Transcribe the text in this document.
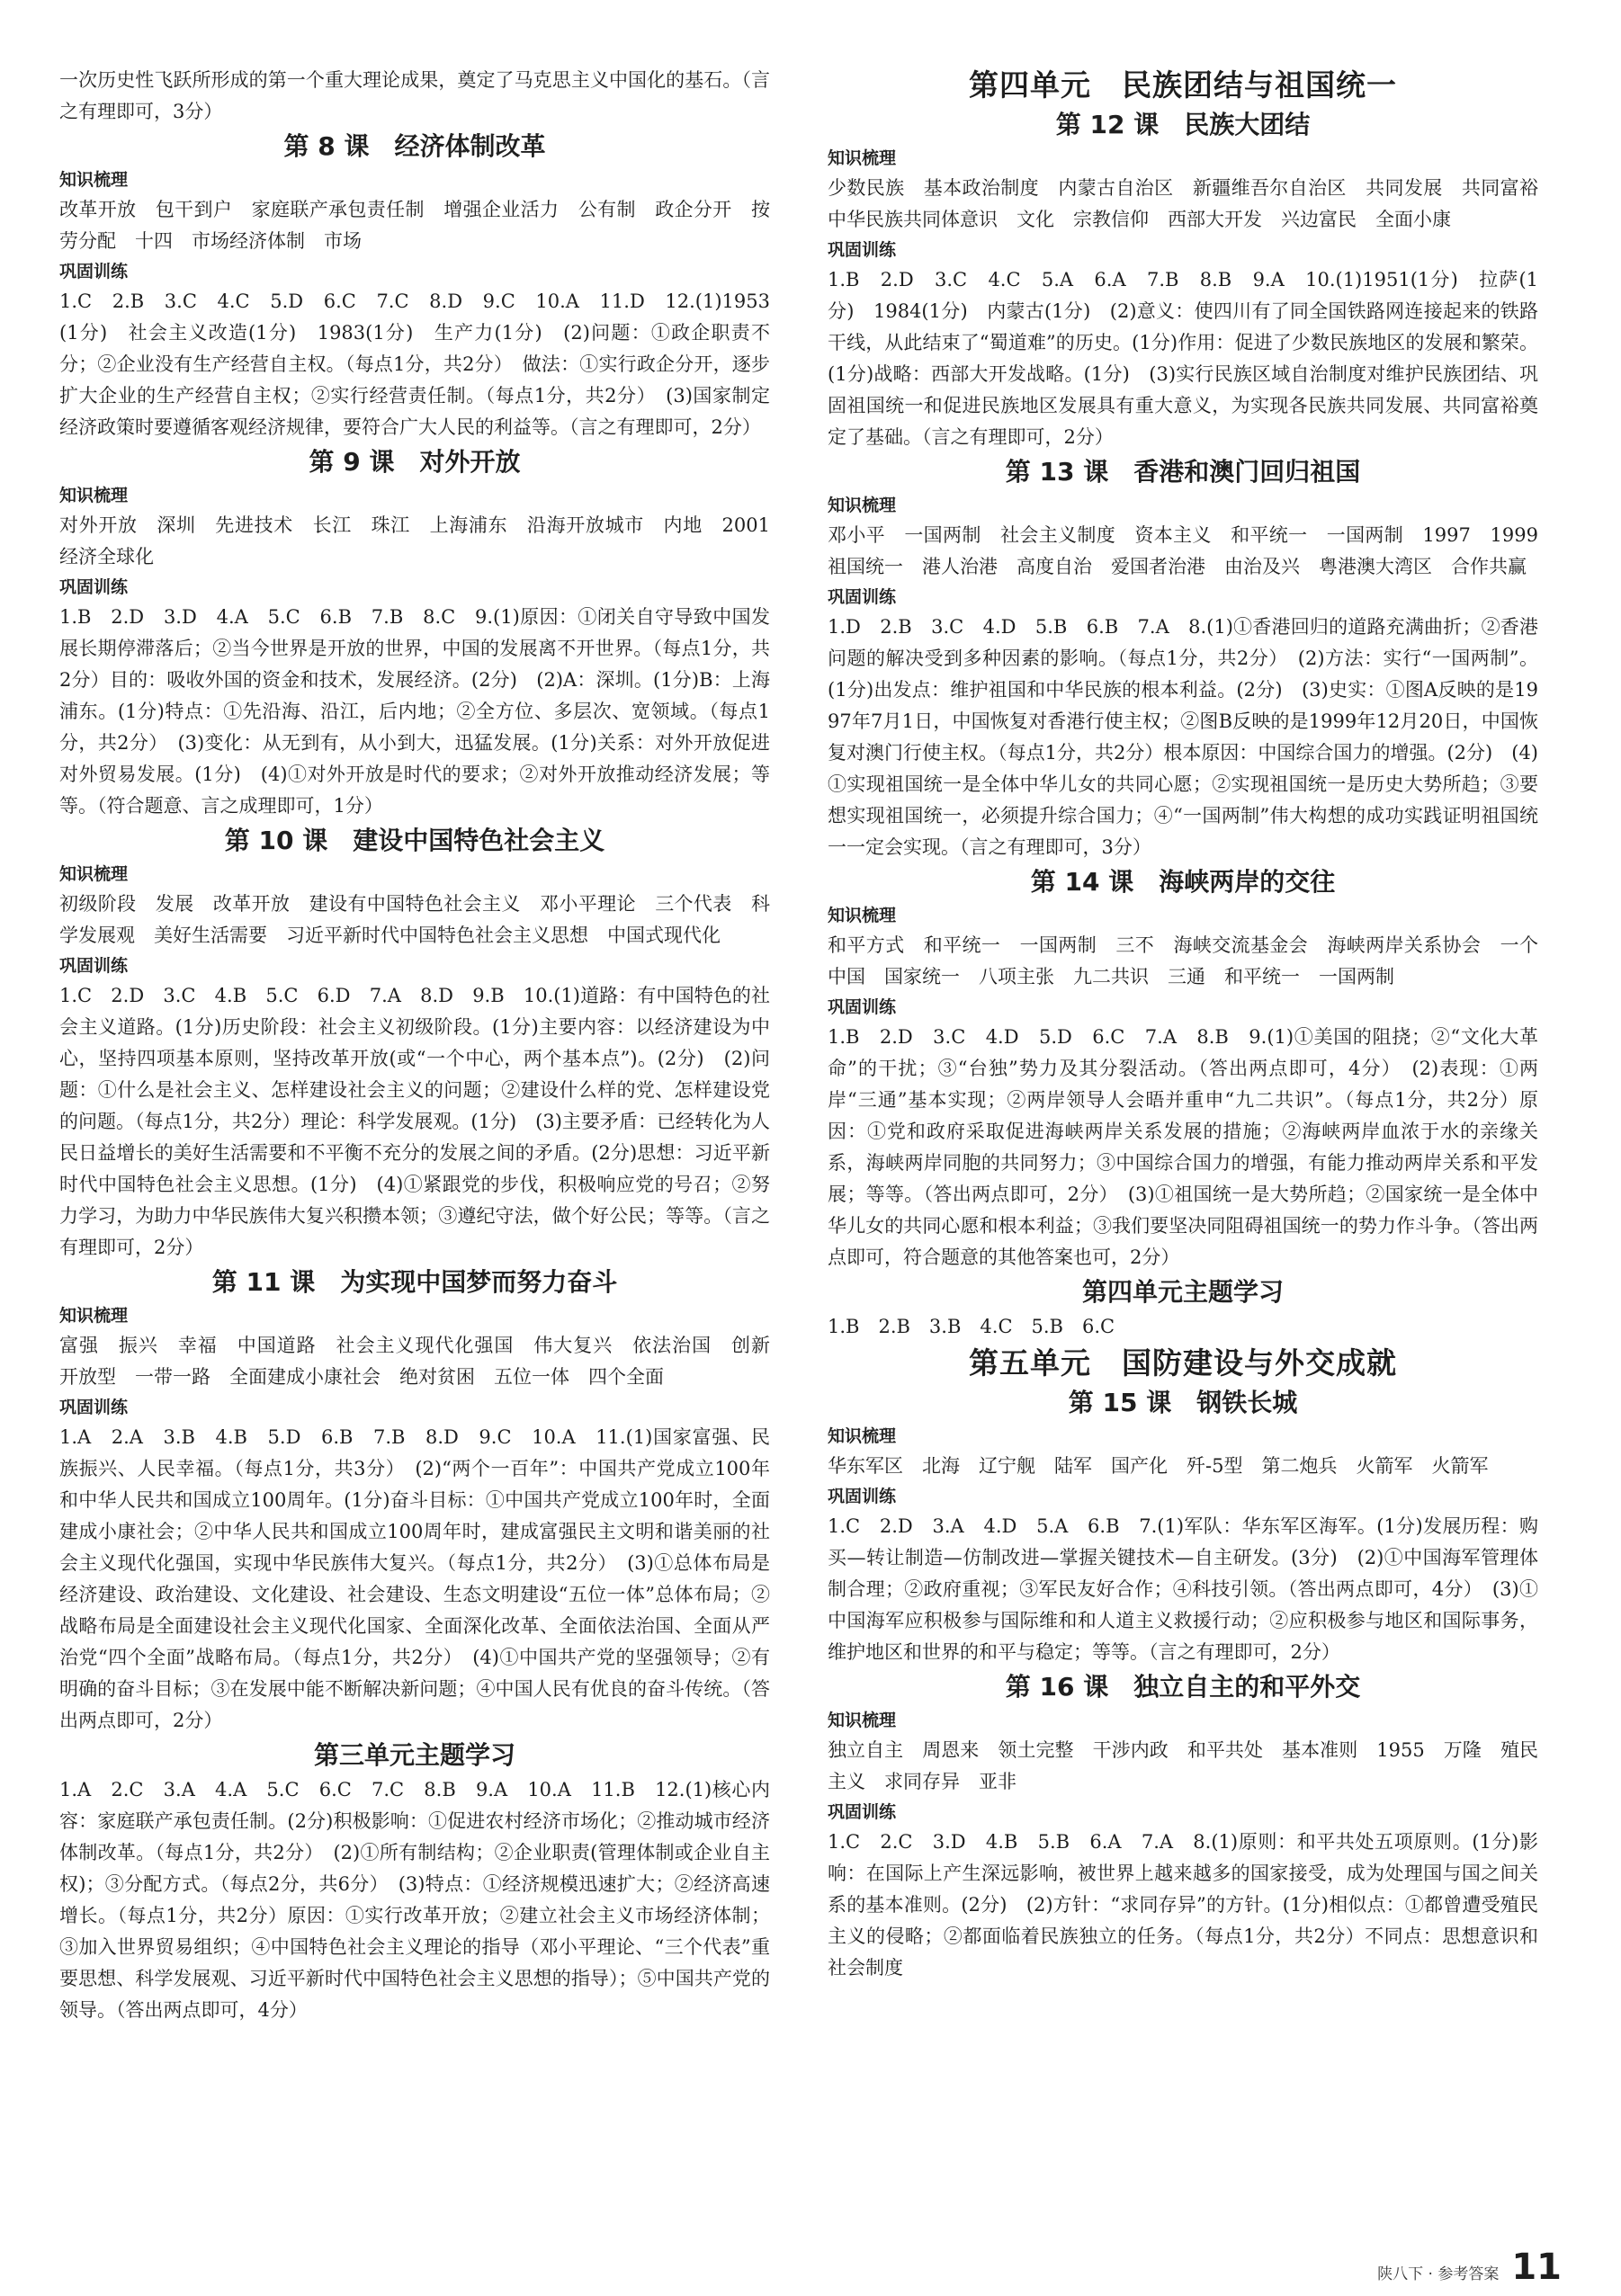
一次历史性飞跃所形成的第一个重大理论成果，奠定了马克思主义中国化的基石。（言之有理即可，3分）
第 8 课　经济体制改革
知识梳理
改革开放　包干到户　家庭联产承包责任制　增强企业活力　公有制　政企分开　按劳分配　十四　市场经济体制　市场
巩固训练
1.C　2.B　3.C　4.C　5.D　6.C　7.C　8.D　9.C　10.A　11.D　12.(1)1953(1分)　社会主义改造(1分)　1983(1分)　生产力(1分)　(2)问题：①政企职责不分；②企业没有生产经营自主权。（每点1分，共2分）　做法：①实行政企分开，逐步扩大企业的生产经营自主权；②实行经营责任制。（每点1分，共2分）　(3)国家制定经济政策时要遵循客观经济规律，要符合广大人民的利益等。（言之有理即可，2分）
第 9 课　对外开放
知识梳理
对外开放　深圳　先进技术　长江　珠江　上海浦东　沿海开放城市　内地　2001　经济全球化
巩固训练
1.B　2.D　3.D　4.A　5.C　6.B　7.B　8.C　9.(1)原因：①闭关自守导致中国发展长期停滞落后；②当今世界是开放的世界，中国的发展离不开世界。（每点1分，共2分）目的：吸收外国的资金和技术，发展经济。(2分)　(2)A：深圳。(1分)B：上海浦东。(1分)特点：①先沿海、沿江，后内地；②全方位、多层次、宽领域。（每点1分，共2分）　(3)变化：从无到有，从小到大，迅猛发展。(1分)关系：对外开放促进对外贸易发展。(1分)　(4)①对外开放是时代的要求；②对外开放推动经济发展；等等。（符合题意、言之成理即可，1分）
第 10 课　建设中国特色社会主义
知识梳理
初级阶段　发展　改革开放　建设有中国特色社会主义　邓小平理论　三个代表　科学发展观　美好生活需要　习近平新时代中国特色社会主义思想　中国式现代化
巩固训练
1.C　2.D　3.C　4.B　5.C　6.D　7.A　8.D　9.B　10.(1)道路：有中国特色的社会主义道路。(1分)历史阶段：社会主义初级阶段。(1分)主要内容：以经济建设为中心，坚持四项基本原则，坚持改革开放(或“一个中心，两个基本点”)。(2分)　(2)问题：①什么是社会主义、怎样建设社会主义的问题；②建设什么样的党、怎样建设党的问题。（每点1分，共2分）理论：科学发展观。(1分)　(3)主要矛盾：已经转化为人民日益增长的美好生活需要和不平衡不充分的发展之间的矛盾。(2分)思想：习近平新时代中国特色社会主义思想。(1分)　(4)①紧跟党的步伐，积极响应党的号召；②努力学习，为助力中华民族伟大复兴积攒本领；③遵纪守法，做个好公民；等等。（言之有理即可，2分）
第 11 课　为实现中国梦而努力奋斗
知识梳理
富强　振兴　幸福　中国道路　社会主义现代化强国　伟大复兴　依法治国　创新　开放型　一带一路　全面建成小康社会　绝对贫困　五位一体　四个全面
巩固训练
1.A　2.A　3.B　4.B　5.D　6.B　7.B　8.D　9.C　10.A　11.(1)国家富强、民族振兴、人民幸福。（每点1分，共3分）　(2)“两个一百年”：中国共产党成立100年和中华人民共和国成立100周年。(1分)奋斗目标：①中国共产党成立100年时，全面建成小康社会；②中华人民共和国成立100周年时，建成富强民主文明和谐美丽的社会主义现代化强国，实现中华民族伟大复兴。（每点1分，共2分）　(3)①总体布局是经济建设、政治建设、文化建设、社会建设、生态文明建设“五位一体”总体布局；②战略布局是全面建设社会主义现代化国家、全面深化改革、全面依法治国、全面从严治党“四个全面”战略布局。（每点1分，共2分）　(4)①中国共产党的坚强领导；②有明确的奋斗目标；③在发展中能不断解决新问题；④中国人民有优良的奋斗传统。（答出两点即可，2分）
第三单元主题学习
1.A　2.C　3.A　4.A　5.C　6.C　7.C　8.B　9.A　10.A　11.B　12.(1)核心内容：家庭联产承包责任制。(2分)积极影响：①促进农村经济市场化；②推动城市经济体制改革。（每点1分，共2分）　(2)①所有制结构；②企业职责(管理体制或企业自主权)；③分配方式。（每点2分，共6分）　(3)特点：①经济规模迅速扩大；②经济高速增长。（每点1分，共2分）原因：①实行改革开放；②建立社会主义市场经济体制；③加入世界贸易组织；④中国特色社会主义理论的指导（邓小平理论、“三个代表”重要思想、科学发展观、习近平新时代中国特色社会主义思想的指导）；⑤中国共产党的领导。（答出两点即可，4分）
第四单元　民族团结与祖国统一
第 12 课　民族大团结
知识梳理
少数民族　基本政治制度　内蒙古自治区　新疆维吾尔自治区　共同发展　共同富裕　中华民族共同体意识　文化　宗教信仰　西部大开发　兴边富民　全面小康
巩固训练
1.B　2.D　3.C　4.C　5.A　6.A　7.B　8.B　9.A　10.(1)1951(1分)　拉萨(1分)　1984(1分)　内蒙古(1分)　(2)意义：使四川有了同全国铁路网连接起来的铁路干线，从此结束了“蜀道难”的历史。(1分)作用：促进了少数民族地区的发展和繁荣。(1分)战略：西部大开发战略。(1分)　(3)实行民族区域自治制度对维护民族团结、巩固祖国统一和促进民族地区发展具有重大意义，为实现各民族共同发展、共同富裕奠定了基础。（言之有理即可，2分）
第 13 课　香港和澳门回归祖国
知识梳理
邓小平　一国两制　社会主义制度　资本主义　和平统一　一国两制　1997　1999　祖国统一　港人治港　高度自治　爱国者治港　由治及兴　粤港澳大湾区　合作共赢
巩固训练
1.D　2.B　3.C　4.D　5.B　6.B　7.A　8.(1)①香港回归的道路充满曲折；②香港问题的解决受到多种因素的影响。（每点1分，共2分）　(2)方法：实行“一国两制”。(1分)出发点：维护祖国和中华民族的根本利益。(2分)　(3)史实：①图A反映的是1997年7月1日，中国恢复对香港行使主权；②图B反映的是1999年12月20日，中国恢复对澳门行使主权。（每点1分，共2分）根本原因：中国综合国力的增强。(2分)　(4)①实现祖国统一是全体中华儿女的共同心愿；②实现祖国统一是历史大势所趋；③要想实现祖国统一，必须提升综合国力；④“一国两制”伟大构想的成功实践证明祖国统一一定会实现。（言之有理即可，3分）
第 14 课　海峡两岸的交往
知识梳理
和平方式　和平统一　一国两制　三不　海峡交流基金会　海峡两岸关系协会　一个中国　国家统一　八项主张　九二共识　三通　和平统一　一国两制
巩固训练
1.B　2.D　3.C　4.D　5.D　6.C　7.A　8.B　9.(1)①美国的阻挠；②“文化大革命”的干扰；③“台独”势力及其分裂活动。（答出两点即可，4分）　(2)表现：①两岸“三通”基本实现；②两岸领导人会晤并重申“九二共识”。（每点1分，共2分）原因：①党和政府采取促进海峡两岸关系发展的措施；②海峡两岸血浓于水的亲缘关系，海峡两岸同胞的共同努力；③中国综合国力的增强，有能力推动两岸关系和平发展；等等。（答出两点即可，2分）　(3)①祖国统一是大势所趋；②国家统一是全体中华儿女的共同心愿和根本利益；③我们要坚决同阻碍祖国统一的势力作斗争。（答出两点即可，符合题意的其他答案也可，2分）
第四单元主题学习
1.B　2.B　3.B　4.C　5.B　6.C
第五单元　国防建设与外交成就
第 15 课　钢铁长城
知识梳理
华东军区　北海　辽宁舰　陆军　国产化　歼-5型　第二炮兵　火箭军　火箭军
巩固训练
1.C　2.D　3.A　4.D　5.A　6.B　7.(1)军队：华东军区海军。(1分)发展历程：购买—转让制造—仿制改进—掌握关键技术—自主研发。(3分)　(2)①中国海军管理体制合理；②政府重视；③军民友好合作；④科技引领。（答出两点即可，4分）　(3)①中国海军应积极参与国际维和和人道主义救援行动；②应积极参与地区和国际事务，维护地区和世界的和平与稳定；等等。（言之有理即可，2分）
第 16 课　独立自主的和平外交
知识梳理
独立自主　周恩来　领土完整　干涉内政　和平共处　基本准则　1955　万隆　殖民主义　求同存异　亚非
巩固训练
1.C　2.C　3.D　4.B　5.B　6.A　7.A　8.(1)原则：和平共处五项原则。(1分)影响：在国际上产生深远影响，被世界上越来越多的国家接受，成为处理国与国之间关系的基本准则。(2分)　(2)方针：“求同存异”的方针。(1分)相似点：①都曾遭受殖民主义的侵略；②都面临着民族独立的任务。（每点1分，共2分）不同点：思想意识和社会制度
陕八下 · 参考答案 11
